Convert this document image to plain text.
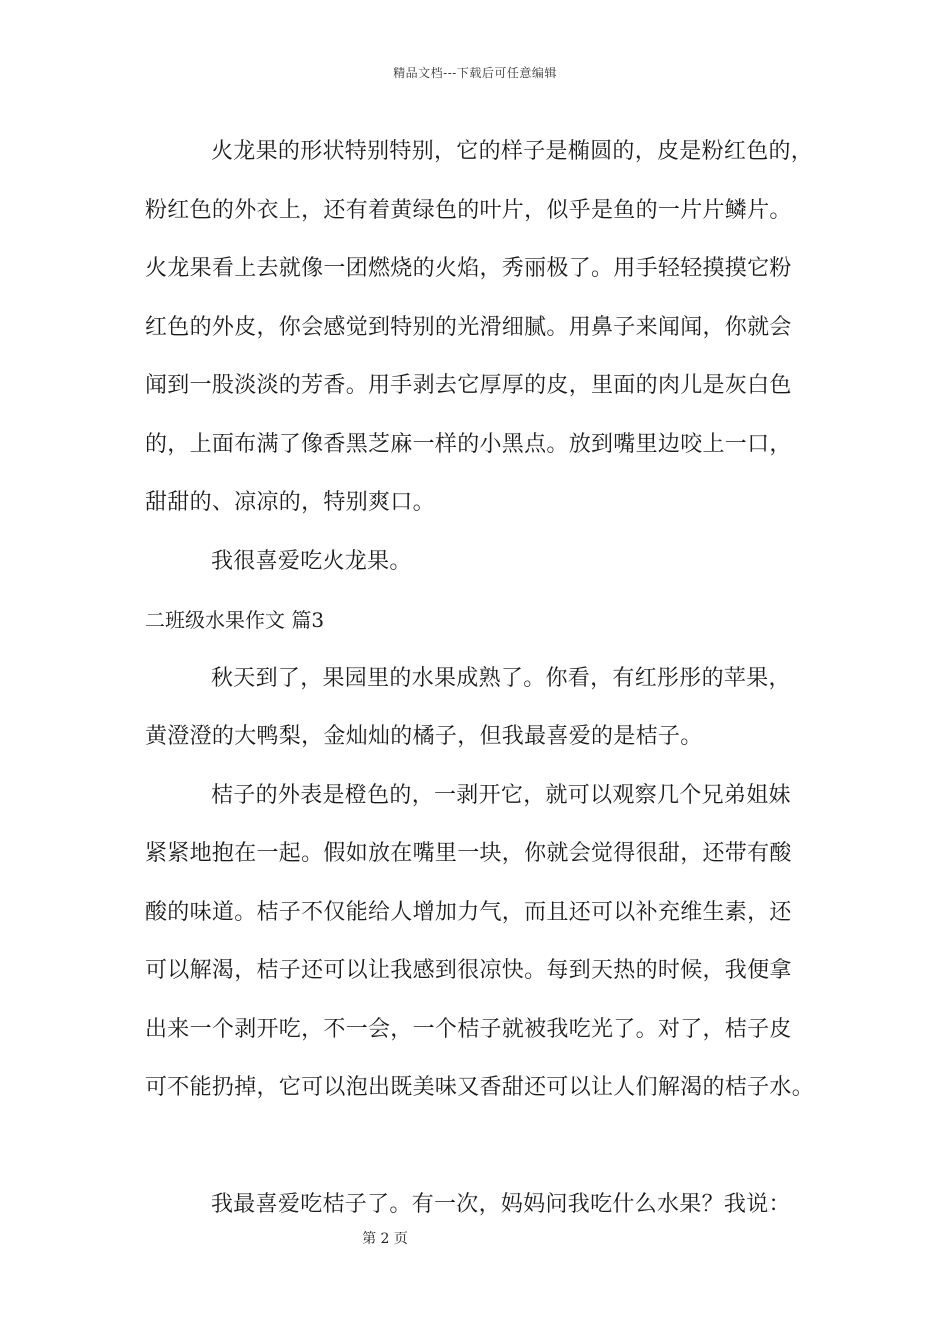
精品文档---下载后可任意编辑
火龙果的形状特别特别，它的样子是椭圆的，皮是粉红色的，
粉红色的外衣上，还有着黄绿色的叶片，似乎是鱼的一片片鳞片。
火龙果看上去就像一团燃烧的火焰，秀丽极了。用手轻轻摸摸它粉
红色的外皮，你会感觉到特别的光滑细腻。用鼻子来闻闻，你就会
闻到一股淡淡的芳香。用手剥去它厚厚的皮，里面的肉儿是灰白色
的，上面布满了像香黑芝麻一样的小黑点。放到嘴里边咬上一口，
甜甜的、凉凉的，特别爽口。
我很喜爱吃火龙果。
二班级水果作文 篇3
秋天到了，果园里的水果成熟了。你看，有红彤彤的苹果，
黄澄澄的大鸭梨，金灿灿的橘子，但我最喜爱的是桔子。
桔子的外表是橙色的，一剥开它，就可以观察几个兄弟姐妹
紧紧地抱在一起。假如放在嘴里一块，你就会觉得很甜，还带有酸
酸的味道。桔子不仅能给人增加力气，而且还可以补充维生素，还
可以解渴，桔子还可以让我感到很凉快。每到天热的时候，我便拿
出来一个剥开吃，不一会，一个桔子就被我吃光了。对了，桔子皮
可不能扔掉，它可以泡出既美味又香甜还可以让人们解渴的桔子水。
我最喜爱吃桔子了。有一次，妈妈问我吃什么水果？我说：
第 2 页
